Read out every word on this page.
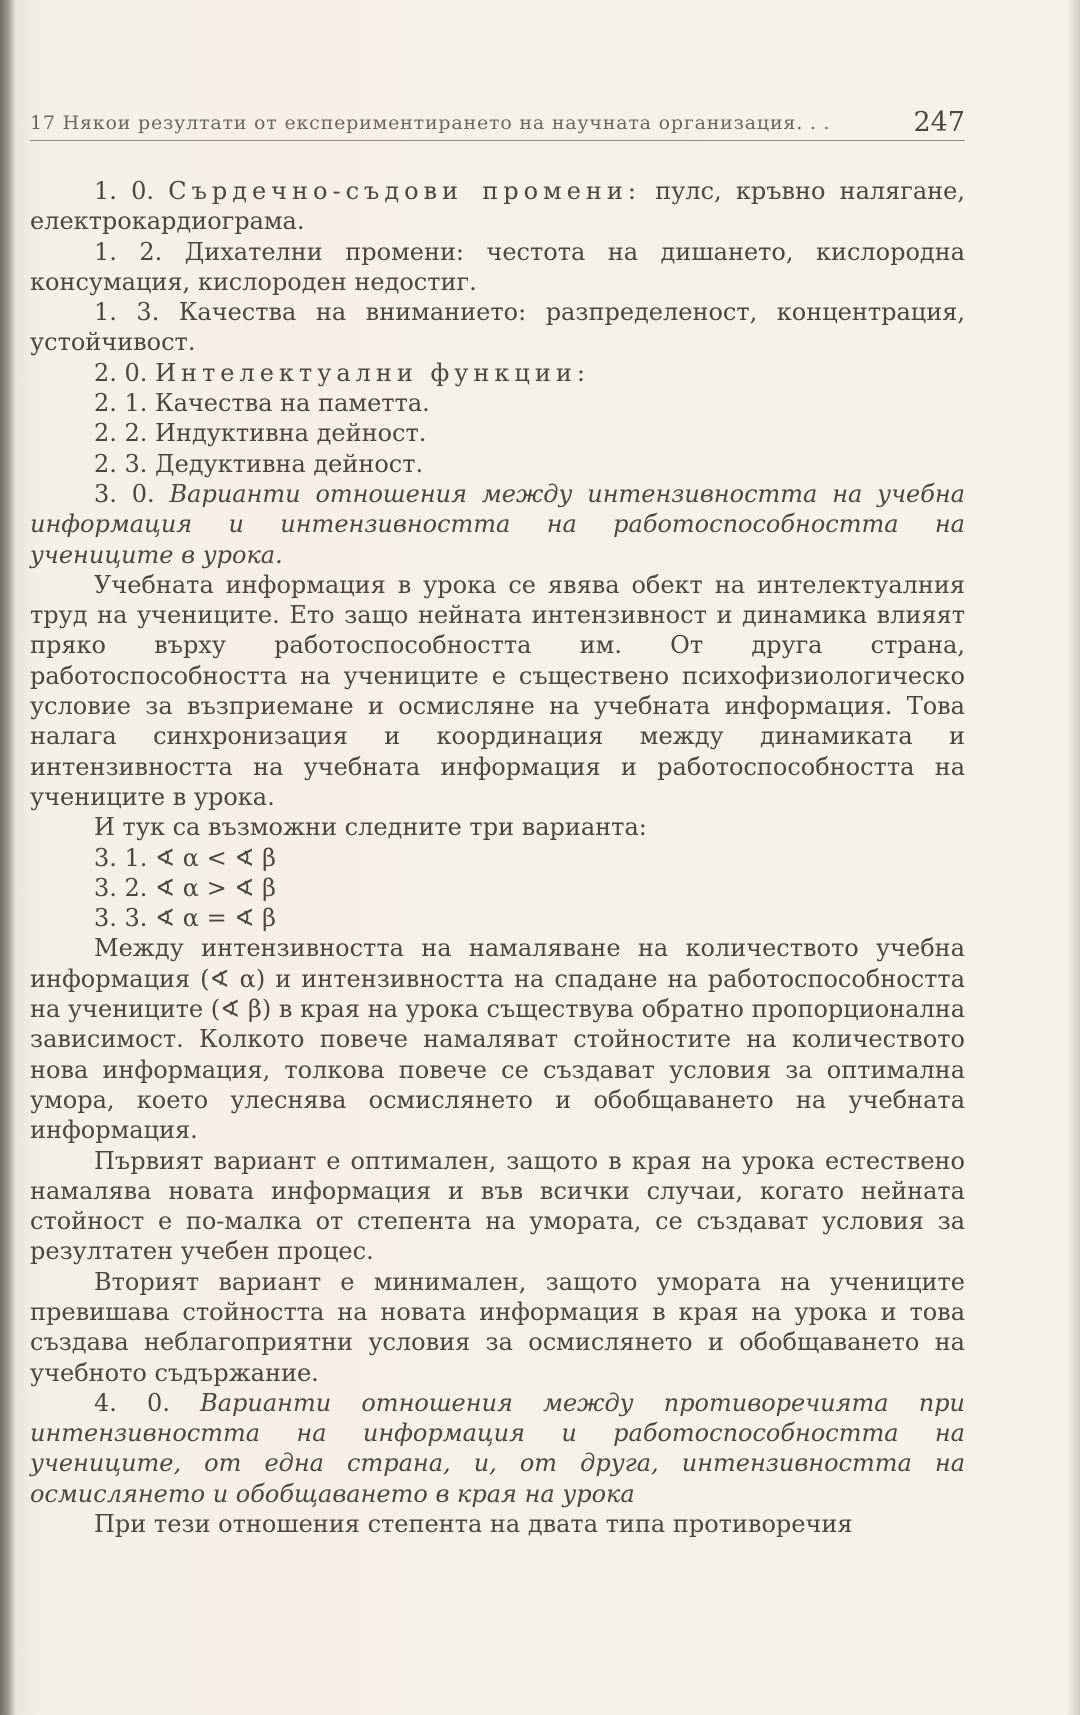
17 Някои резултати от експериментирането на научната организация. . .	247

1. 0. Сърдечно-съдови промени: пулс, кръвно налягане, електрокардиограма.

1. 2. Дихателни промени: честота на дишането, кислородна консумация, кислороден недостиг.

1. 3. Качества на вниманието: разпределеност, концентрация, устойчивост.

2. 0. Интелектуални функции:

2. 1. Качества на паметта.

2. 2. Индуктивна дейност.

2. 3. Дедуктивна дейност.

3. 0. Варианти отношения между интензивността на учебна информация и интензивността на работоспособността на учениците в урока.

Учебната информация в урока се явява обект на интелектуалния труд на учениците. Ето защо нейната интензивност и динамика влияят пряко върху работоспособността им. От друга страна, работоспособността на учениците е съществено психофизиологическо условие за възприемане и осмисляне на учебната информация. Това налага синхронизация и координация между динамиката и интензивността на учебната информация и работоспособността на учениците в урока.

И тук са възможни следните три варианта:

3. 1. ∢ α < ∢ β
3. 2. ∢ α > ∢ β
3. 3. ∢ α = ∢ β

Между интензивността на намаляване на количеството учебна информация (∢ α) и интензивността на спадане на работоспособността на учениците (∢ β) в края на урока съществува обратно пропорционална зависимост. Колкото повече намаляват стойностите на количеството нова информация, толкова повече се създават условия за оптимална умора, което улеснява осмислянето и обобщаването на учебната информация.

Първият вариант е оптимален, защото в края на урока естествено намалява новата информация и във всички случаи, когато нейната стойност е по-малка от степента на умората, се създават условия за резултатен учебен процес.

Вторият вариант е минимален, защото умората на учениците превишава стойността на новата информация в края на урока и това създава неблагоприятни условия за осмислянето и обобщаването на учебното съдържание.

4. 0. Варианти отношения между противоречията при интензивността на информация и работоспособността на учениците, от една страна, и, от друга, интензивността на осмислянето и обобщаването в края на урока

При тези отношения степента на двата типа противоречия
